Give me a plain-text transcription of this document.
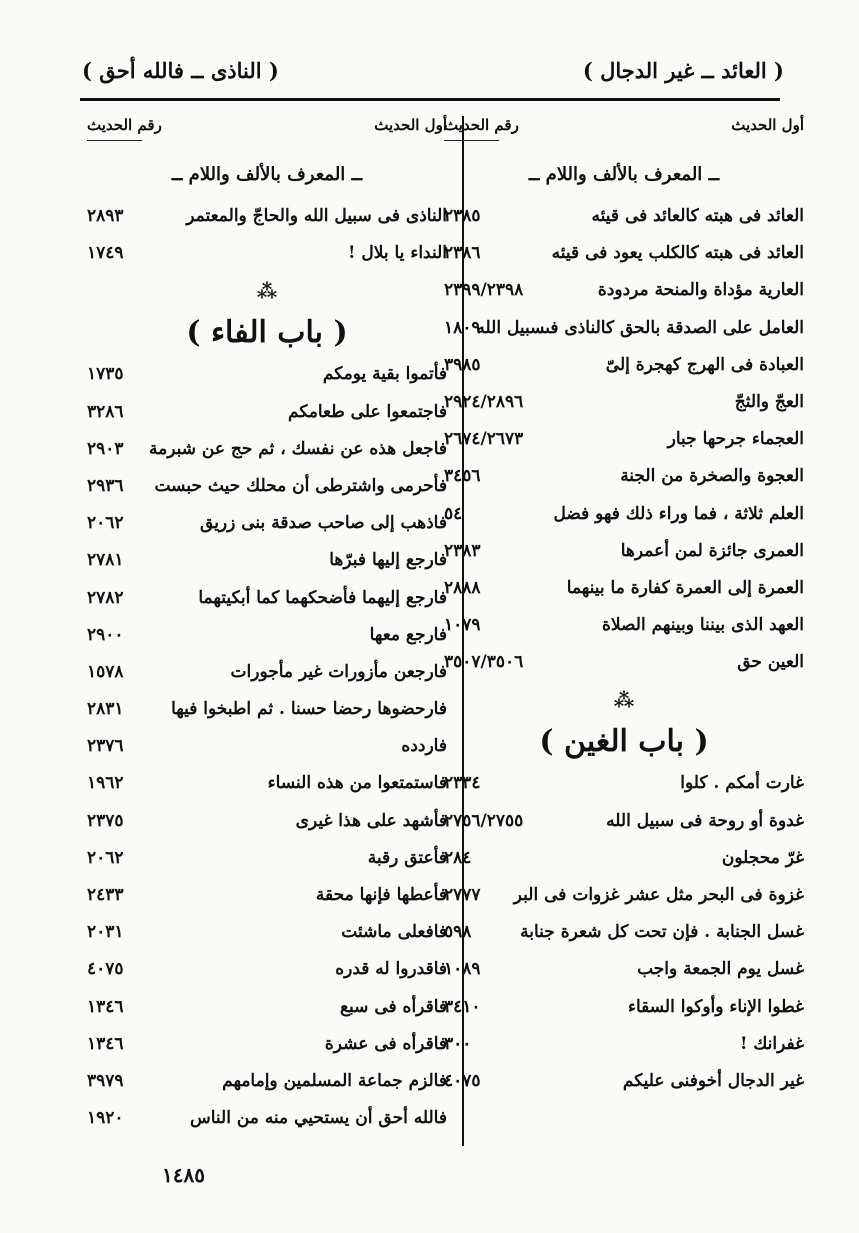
( العائد ــ غير الدجال )
( الناذى ــ فالله أحق )
أول الحديث
رقم الحديث
ــ المعرف بالألف واللام ــ
العائد فى هبته كالعائد فى قيئه
٢٣٨٥
العائد فى هبته كالكلب يعود فى قيئه
٢٣٨٦
العارية مؤداة والمنحة مردودة
٢٣٩٩/٢٣٩٨
العامل على الصدقة بالحق كالناذى فىسبيل الله
١٨٠٩
العبادة فى الهرج كهجرة إلىّ
٣٩٨٥
العجّ والثجّ
٢٩٢٤/٢٨٩٦
العجماء جرحها جبار
٢٦٧٤/٢٦٧٣
العجوة والصخرة من الجنة
٣٤٥٦
العلم ثلاثة ، فما وراء ذلك فهو فضل
٥٤
العمرى جائزة لمن أعمرها
٢٣٨٣
العمرة إلى العمرة كفارة ما بينهما
٢٨٨٨
العهد الذى بيننا وبينهم الصلاة
١٠٧٩
العين حق
٣٥٠٧/٣٥٠٦
⁂
( باب الغين )
غارت أمكم . كلوا
٢٣٣٤
غدوة أو روحة فى سبيل الله
٢٧٥٦/٢٧٥٥
غرّ محجلون
٢٨٤
غزوة فى البحر مثل عشر غزوات فى البر
٢٧٧٧
غسل الجنابة . فإن تحت كل شعرة جنابة
٥٩٨
غسل يوم الجمعة واجب
١٠٨٩
غطوا الإناء وأوكوا السقاء
٣٤١٠
غفرانك !
٣٠٠
غير الدجال أخوفنى عليكم
٤٠٧٥
أول الحديث
رقم الحديث
ــ المعرف بالألف واللام ــ
الناذى فى سبيل الله والحاجّ والمعتمر
٢٨٩٣
النداء يا بلال !
١٧٤٩
⁂
( باب الفاء )
فأتموا بقية يومكم
١٧٣٥
فاجتمعوا على طعامكم
٣٢٨٦
فاجعل هذه عن نفسك ، ثم حج عن شبرمة
٢٩٠٣
فأحرمى واشترطى أن محلك حيث حبست
٢٩٣٦
فاذهب إلى صاحب صدقة بنى زريق
٢٠٦٢
فارجع إليها فبرّها
٢٧٨١
فارجع إليهما فأضحكهما كما أبكيتهما
٢٧٨٢
فارجع معها
٢٩٠٠
فارجعن مأزورات غير مأجورات
١٥٧٨
فارحضوها رحضا حسنا . ثم اطبخوا فيها
٢٨٣١
فاردده
٢٣٧٦
فاستمتعوا من هذه النساء
١٩٦٢
فأشهد على هذا غيرى
٢٣٧٥
فأعتق رقبة
٢٠٦٢
فأعطها فإنها محقة
٢٤٣٣
فافعلى ماشئت
٢٠٣١
فاقدروا له قدره
٤٠٧٥
فاقرأه فى سبع
١٣٤٦
فاقرأه فى عشرة
١٣٤٦
فالزم جماعة المسلمين وإمامهم
٣٩٧٩
فالله أحق أن يستحيي منه من الناس
١٩٢٠
١٤٨٥
